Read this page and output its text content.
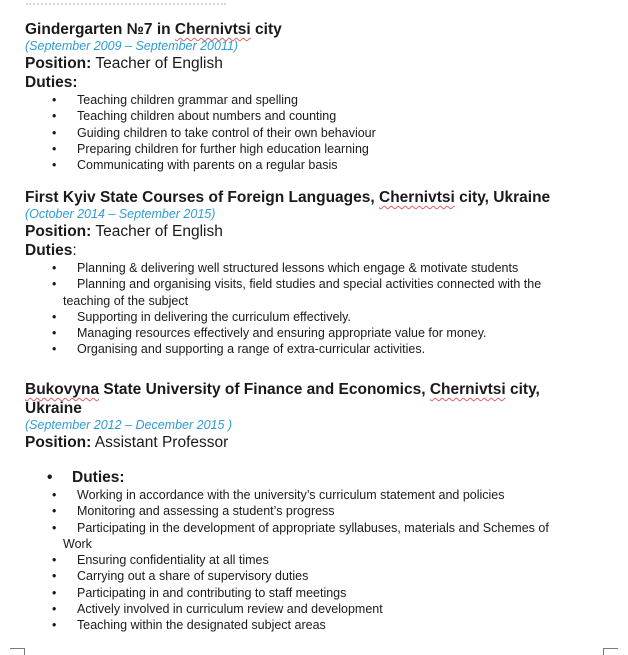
Gindergarten №7 in Chernivtsi city

(September 2009 – September 20011)
Position: Teacher of English
Duties:
• Teaching children grammar and spelling
• Teaching children about numbers and counting
• Guiding children to take control of their own behaviour
• Preparing children for further high education learning
• Communicating with parents on a regular basis

First Kyiv State Courses of Foreign Languages, Chernivtsi city, Ukraine

(October 2014 – September 2015)
Position: Teacher of English
Duties:
• Planning & delivering well structured lessons which engage & motivate students
• Planning and organising visits, field studies and special activities connected with the
teaching of the subject
• Supporting in delivering the curriculum effectively.
• Managing resources effectively and ensuring appropriate value for money.
• Organising and supporting a range of extra-curricular activities.

Bukovyna State University of Finance and Economics, Chernivtsi city,
Ukraine

(September 2012 – December 2015 )
Position: Assistant Professor
• Duties:
• Working in accordance with the university’s curriculum statement and policies
• Monitoring and assessing a student’s progress
• Participating in the development of appropriate syllabuses, materials and Schemes of
Work
• Ensuring confidentiality at all times
• Carrying out a share of supervisory duties
• Participating in and contributing to staff meetings
• Actively involved in curriculum review and development
• Teaching within the designated subject areas
